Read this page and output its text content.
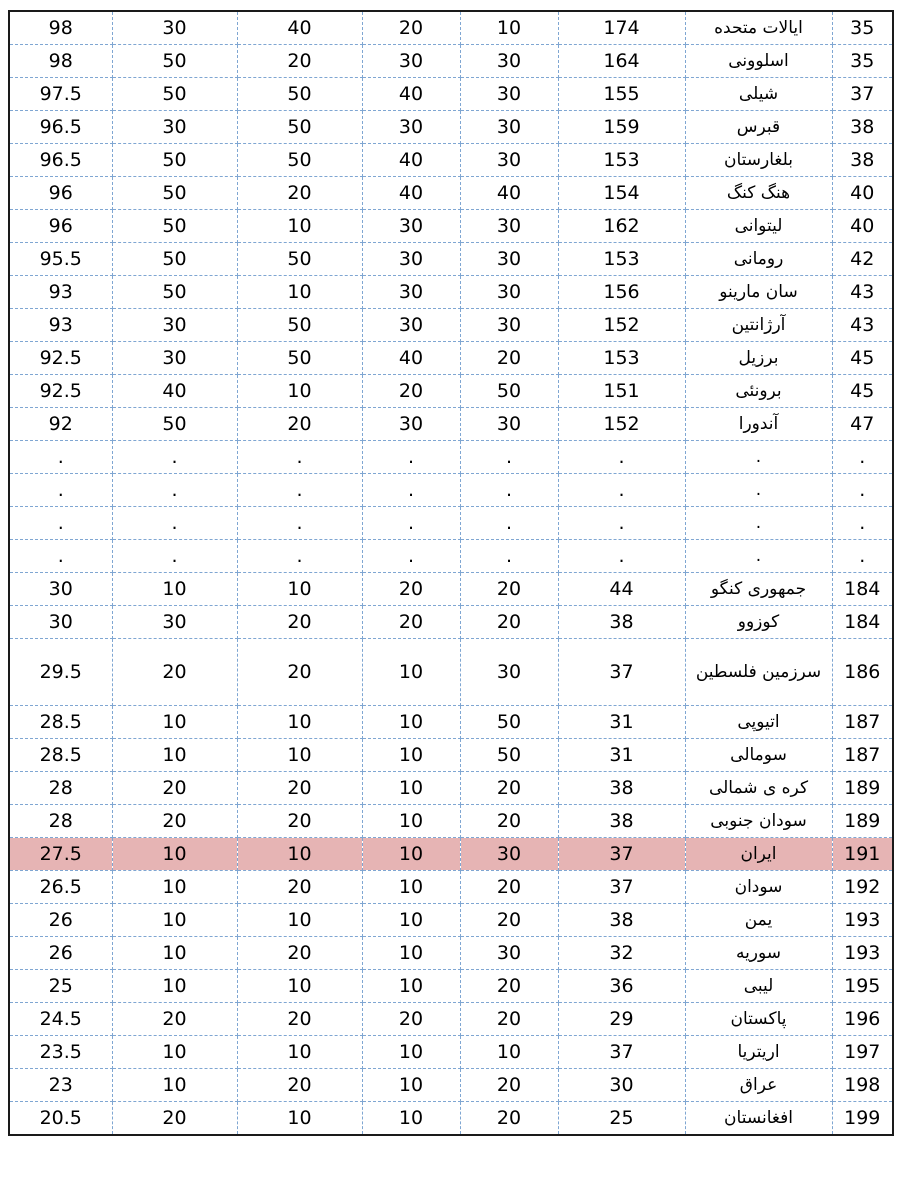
98	30	40	20	10	174	ایالات متحده	35
98	50	20	30	30	164	اسلوونی	35
97.5	50	50	40	30	155	شیلی	37
96.5	30	50	30	30	159	قبرس	38
96.5	50	50	40	30	153	بلغارستان	38
96	50	20	40	40	154	هنگ کنگ	40
96	50	10	30	30	162	لیتوانی	40
95.5	50	50	30	30	153	رومانی	42
93	50	10	30	30	156	سان مارینو	43
93	30	50	30	30	152	آرژانتین	43
92.5	30	50	40	20	153	برزیل	45
92.5	40	10	20	50	151	برونئی	45
92	50	20	30	30	152	آندورا	47
.	.	.	.	.	.	.	.
.	.	.	.	.	.	.	.
.	.	.	.	.	.	.	.
.	.	.	.	.	.	.	.
30	10	10	20	20	44	جمهوری کنگو	184
30	30	20	20	20	38	کوزوو	184
29.5	20	20	10	30	37	سرزمین فلسطین	186
28.5	10	10	10	50	31	اتیوپی	187
28.5	10	10	10	50	31	سومالی	187
28	20	20	10	20	38	کره ی شمالی	189
28	20	20	10	20	38	سودان جنوبی	189
27.5	10	10	10	30	37	ایران	191
26.5	10	20	10	20	37	سودان	192
26	10	10	10	20	38	یمن	193
26	10	20	10	30	32	سوریه	193
25	10	10	10	20	36	لیبی	195
24.5	20	20	20	20	29	پاکستان	196
23.5	10	10	10	10	37	اریتریا	197
23	10	20	10	20	30	عراق	198
20.5	20	10	10	20	25	افغانستان	199
